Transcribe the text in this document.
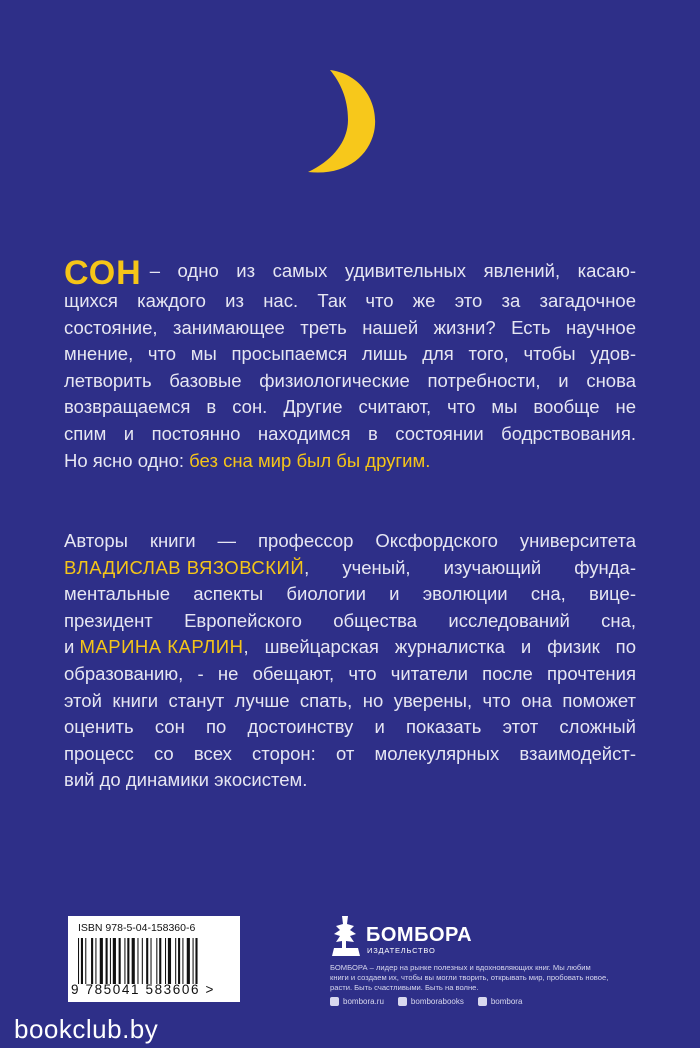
СОН – одно из самых удивительных явлений, касаю-
щихся каждого из нас. Так что же это за загадочное
состояние, занимающее треть нашей жизни? Есть научное
мнение, что мы просыпаемся лишь для того, чтобы удов-
летворить базовые физиологические потребности, и снова
возвращаемся в сон. Другие считают, что мы вообще не
спим и постоянно находимся в состоянии бодрствования.
Но ясно одно:
без сна мир был бы другим.
Авторы книги — профессор Оксфордского университета
ВЛАДИСЛАВ ВЯЗОВСКИЙ , ученый, изучающий фунда-
ментальные аспекты биологии и эволюции сна, вице-
президент Европейского общества исследований сна,
и
МАРИНА КАРЛИН , швейцарская журналистка и физик по
образованию, - не обещают, что читатели после прочтения
этой книги станут лучше спать, но уверены, что она поможет
оценить сон по достоинству и показать этот сложный
процесс со всех сторон: от молекулярных взаимодейст-
вий до динамики экосистем.
ISBN 978-5-04-158360-6
9 785041 583606 >
БОМБОРА
ИЗДАТЕЛЬСТВО
БОМБОРА – лидер на рынке полезных и вдохновляющих книг. Мы любим книги и создаем их, чтобы вы могли творить, открывать мир, пробовать новое, расти. Быть счастливыми. Быть на волне.
bombora.ru	bomborabooks	bombora
bookclub.by
